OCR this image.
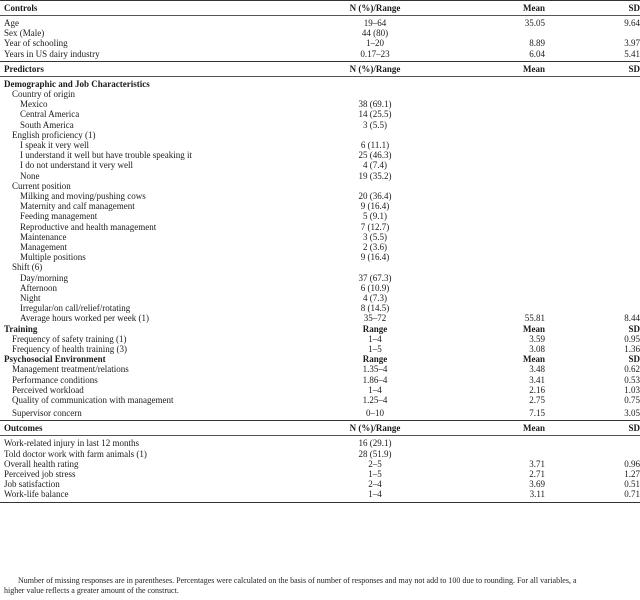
Controls	N (%)/Range	Mean	SD
Age	19–64	35.05	9.64
Sex (Male)	44 (80)
Year of schooling	1–20	8.89	3.97
Years in US dairy industry	0.17–23	6.04	5.41
Predictors	N (%)/Range	Mean	SD
Demographic and Job Characteristics
Country of origin
Mexico	38 (69.1)
Central America	14 (25.5)
South America	3 (5.5)
English proficiency (1)
I speak it very well	6 (11.1)
I understand it well but have trouble speaking it	25 (46.3)
I do not understand it very well	4 (7.4)
None	19 (35.2)
Current position
Milking and moving/pushing cows	20 (36.4)
Maternity and calf management	9 (16.4)
Feeding management	5 (9.1)
Reproductive and health management	7 (12.7)
Maintenance	3 (5.5)
Management	2 (3.6)
Multiple positions	9 (16.4)
Shift (6)
Day/morning	37 (67.3)
Afternoon	6 (10.9)
Night	4 (7.3)
Irregular/on call/relief/rotating	8 (14.5)
Average hours worked per week (1)	35–72	55.81	8.44
Training	Range	Mean	SD
Frequency of safety training (1)	1–4	3.59	0.95
Frequency of health training (3)	1–5	3.08	1.36
Psychosocial Environment	Range	Mean	SD
Management treatment/relations	1.35–4	3.48	0.62
Performance conditions	1.86–4	3.41	0.53
Perceived workload	1–4	2.16	1.03
Quality of communication with management	1.25–4	2.75	0.75
Supervisor concern	0–10	7.15	3.05
Outcomes	N (%)/Range	Mean	SD
Work-related injury in last 12 months	16 (29.1)
Told doctor work with farm animals (1)	28 (51.9)
Overall health rating	2–5	3.71	0.96
Perceived job stress	1–5	2.71	1.27
Job satisfaction	2–4	3.69	0.51
Work-life balance	1–4	3.11	0.71
Number of missing responses are in parentheses. Percentages were calculated on the basis of number of responses and may not add to 100 due to rounding. For all variables, a
higher value reflects a greater amount of the construct.
